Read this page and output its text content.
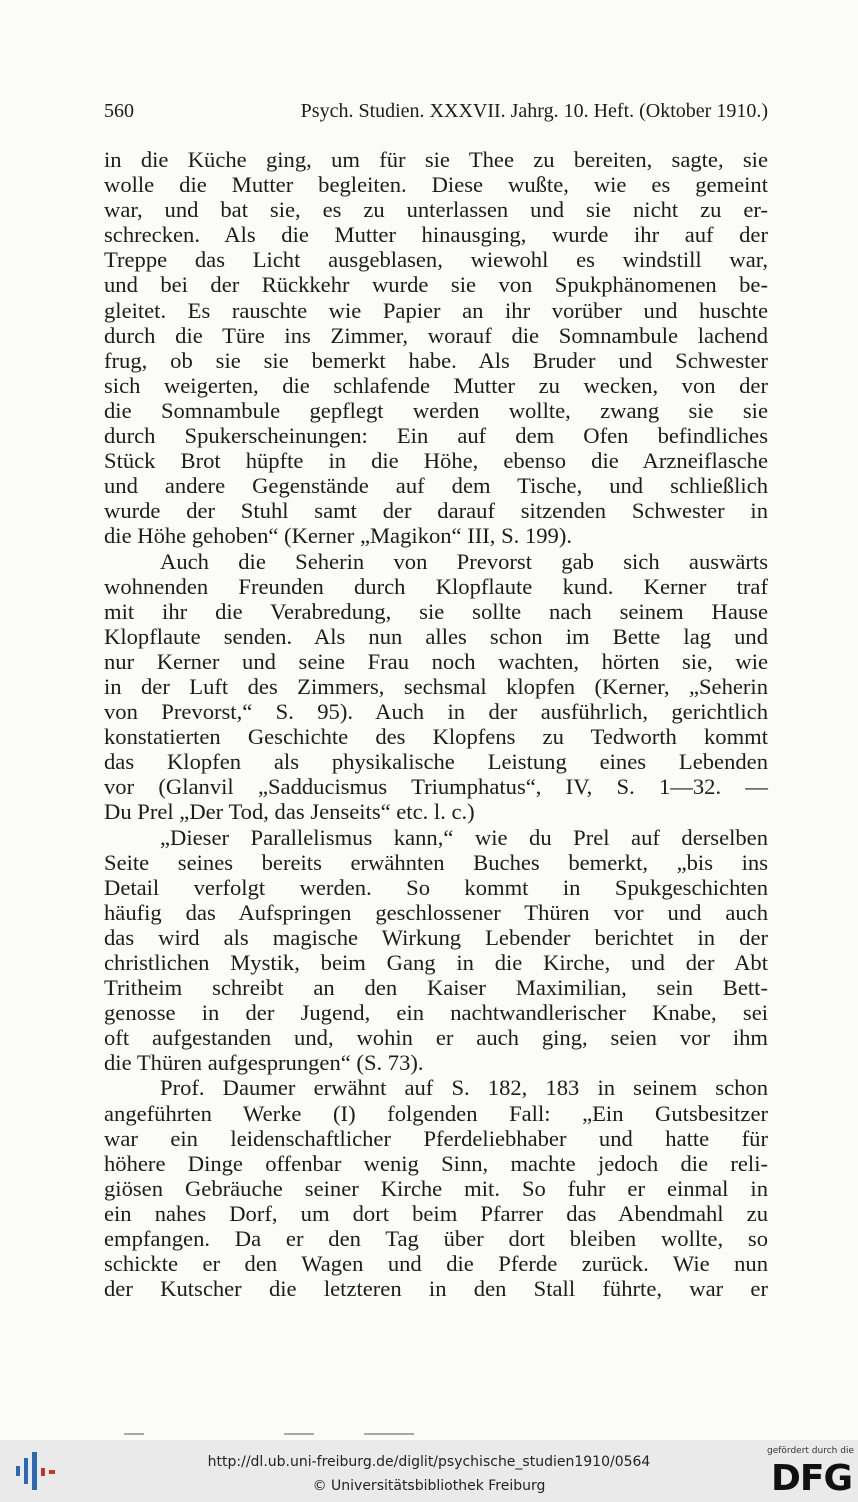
560	Psych. Studien. XXXVII. Jahrg. 10. Heft. (Oktober 1910.)
in die Küche ging, um für sie Thee zu bereiten, sagte, sie
wolle die Mutter begleiten. Diese wußte, wie es gemeint
war, und bat sie, es zu unterlassen und sie nicht zu er-
schrecken. Als die Mutter hinausging, wurde ihr auf der
Treppe das Licht ausgeblasen, wiewohl es windstill war,
und bei der Rückkehr wurde sie von Spukphänomenen be-
gleitet. Es rauschte wie Papier an ihr vorüber und huschte
durch die Türe ins Zimmer, worauf die Somnambule lachend
frug, ob sie sie bemerkt habe. Als Bruder und Schwester
sich weigerten, die schlafende Mutter zu wecken, von der
die Somnambule gepflegt werden wollte, zwang sie sie
durch Spukerscheinungen: Ein auf dem Ofen befindliches
Stück Brot hüpfte in die Höhe, ebenso die Arzneiflasche
und andere Gegenstände auf dem Tische, und schließlich
wurde der Stuhl samt der darauf sitzenden Schwester in
die Höhe gehoben“ (Kerner „Magikon“ III, S. 199).
Auch die Seherin von Prevorst gab sich auswärts
wohnenden Freunden durch Klopflaute kund. Kerner traf
mit ihr die Verabredung, sie sollte nach seinem Hause
Klopflaute senden. Als nun alles schon im Bette lag und
nur Kerner und seine Frau noch wachten, hörten sie, wie
in der Luft des Zimmers, sechsmal klopfen (Kerner, „Seherin
von Prevorst,“ S. 95). Auch in der ausführlich, gerichtlich
konstatierten Geschichte des Klopfens zu Tedworth kommt
das Klopfen als physikalische Leistung eines Lebenden
vor (Glanvil „Sadducismus Triumphatus“, IV, S. 1—32. —
Du Prel „Der Tod, das Jenseits“ etc. l. c.)
„Dieser Parallelismus kann,“ wie du Prel auf derselben
Seite seines bereits erwähnten Buches bemerkt, „bis ins
Detail verfolgt werden. So kommt in Spukgeschichten
häufig das Aufspringen geschlossener Thüren vor und auch
das wird als magische Wirkung Lebender berichtet in der
christlichen Mystik, beim Gang in die Kirche, und der Abt
Tritheim schreibt an den Kaiser Maximilian, sein Bett-
genosse in der Jugend, ein nachtwandlerischer Knabe, sei
oft aufgestanden und, wohin er auch ging, seien vor ihm
die Thüren aufgesprungen“ (S. 73).
Prof. Daumer erwähnt auf S. 182, 183 in seinem schon
angeführten Werke (I) folgenden Fall: „Ein Gutsbesitzer
war ein leidenschaftlicher Pferdeliebhaber und hatte für
höhere Dinge offenbar wenig Sinn, machte jedoch die reli-
giösen Gebräuche seiner Kirche mit. So fuhr er einmal in
ein nahes Dorf, um dort beim Pfarrer das Abendmahl zu
empfangen. Da er den Tag über dort bleiben wollte, so
schickte er den Wagen und die Pferde zurück. Wie nun
der Kutscher die letzteren in den Stall führte, war er
http://dl.ub.uni-freiburg.de/diglit/psychische_studien1910/0564
© Universitätsbibliothek Freiburg
gefördert durch die
DFG
